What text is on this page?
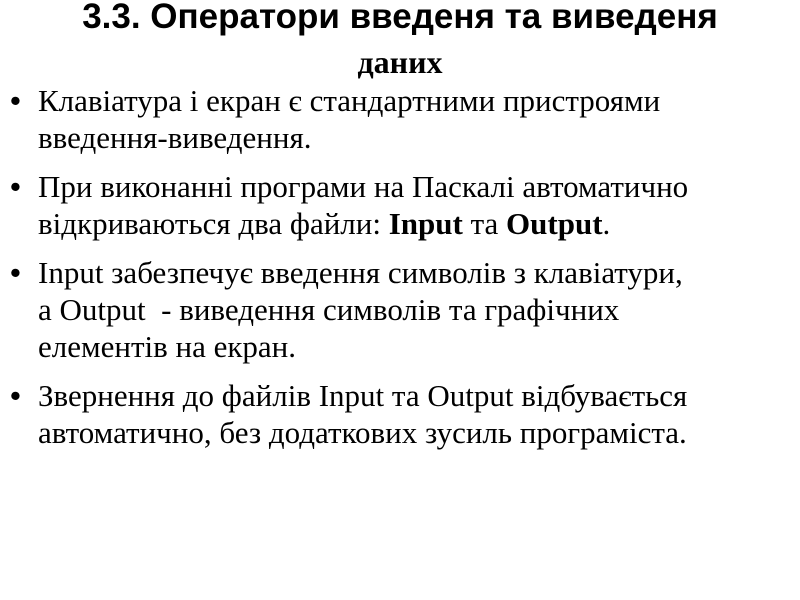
3.3. Оператори введеня та виведеня
даних
• Клавіатура і екран є стандартними пристроями
введення-виведення.
• При виконанні програми на Паскалі автоматично
відкриваються два файли: Input та Output.
• Input забезпечує введення символів з клавіатури,
а Output  - виведення символів та графічних
елементів на екран.
• Звернення до файлів Input та Output відбувається
автоматично, без додаткових зусиль програміста.
